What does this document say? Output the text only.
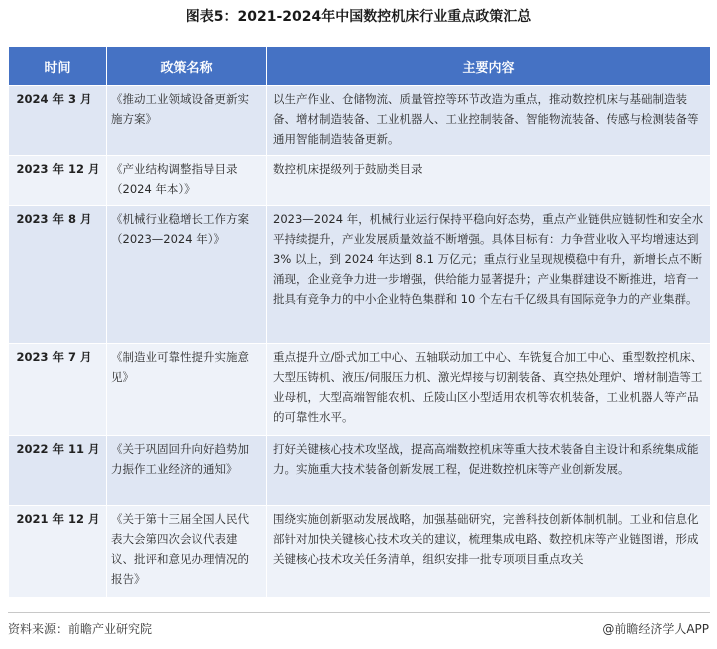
图表5：2021-2024年中国数控机床行业重点政策汇总
时间	政策名称	主要内容
2024 年 3 月	《推动工业领域设备更新实施方案》	以生产作业、仓储物流、质量管控等环节改造为重点，推动数控机床与基础制造装备、增材制造装备、工业机器人、工业控制装备、智能物流装备、传感与检测装备等通用智能制造装备更新。
2023 年 12 月	《产业结构调整指导目录（2024 年本）》	数控机床提级列于鼓励类目录
2023 年 8 月	《机械行业稳增长工作方案（2023—2024 年）》	2023—2024 年，机械行业运行保持平稳向好态势，重点产业链供应链韧性和安全水平持续提升，产业发展质量效益不断增强。具体目标有：力争营业收入平均增速达到 3% 以上，到 2024 年达到 8.1 万亿元；重点行业呈现规模稳中有升，新增长点不断涌现，企业竞争力进一步增强，供给能力显著提升；产业集群建设不断推进，培育一批具有竞争力的中小企业特色集群和 10 个左右千亿级具有国际竞争力的产业集群。
2023 年 7 月	《制造业可靠性提升实施意见》	重点提升立/卧式加工中心、五轴联动加工中心、车铣复合加工中心、重型数控机床、大型压铸机、液压/伺服压力机、激光焊接与切割装备、真空热处理炉、增材制造等工业母机，大型高端智能农机、丘陵山区小型适用农机等农机装备，工业机器人等产品的可靠性水平。
2022 年 11 月	《关于巩固回升向好趋势加力振作工业经济的通知》	打好关键核心技术攻坚战，提高高端数控机床等重大技术装备自主设计和系统集成能力。实施重大技术装备创新发展工程，促进数控机床等产业创新发展。
2021 年 12 月	《关于第十三届全国人民代表大会第四次会议代表建议、批评和意见办理情况的报告》	围绕实施创新驱动发展战略，加强基础研究，完善科技创新体制机制。工业和信息化部针对加快关键核心技术攻关的建议，梳理集成电路、数控机床等产业链图谱，形成关键核心技术攻关任务清单，组织安排一批专项项目重点攻关
资料来源：前瞻产业研究院	@前瞻经济学人APP
